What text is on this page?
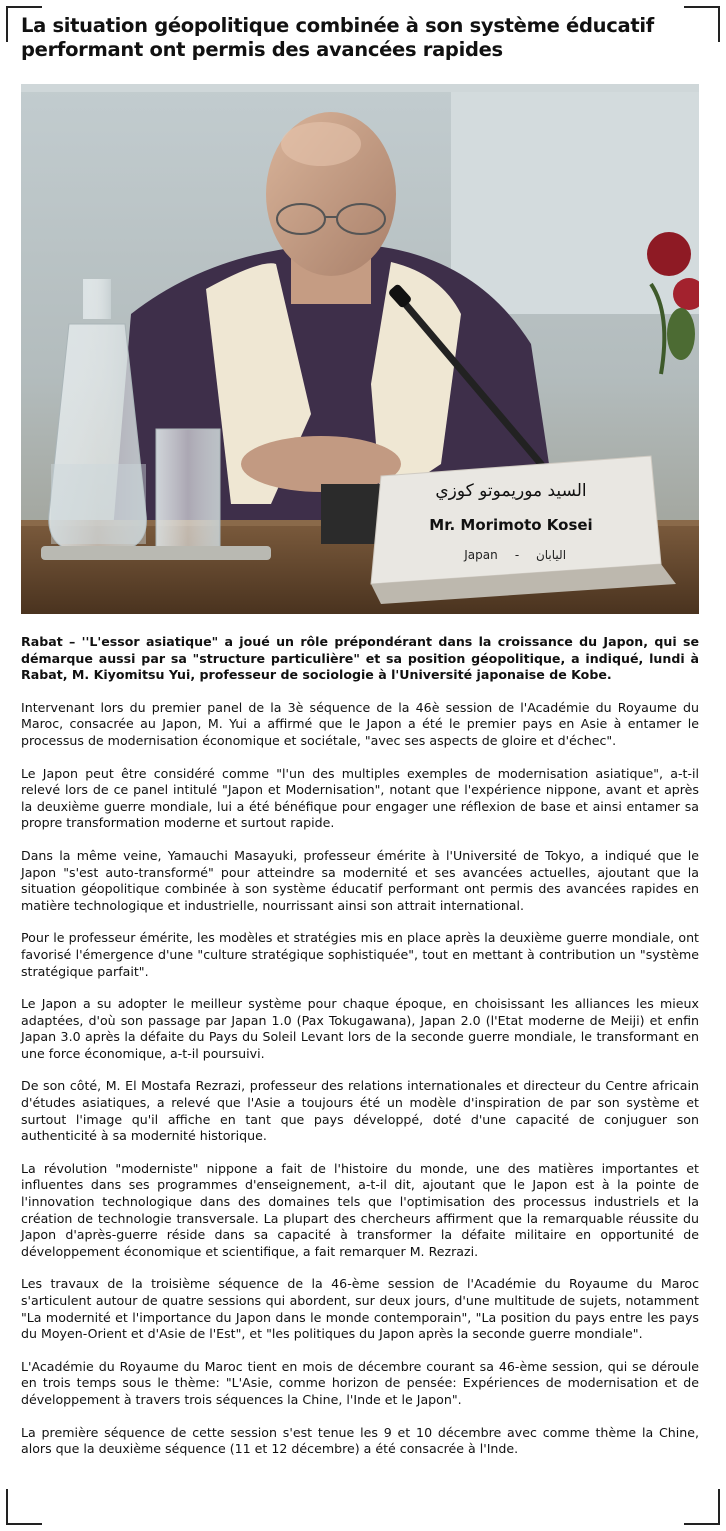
La situation géopolitique combinée à son système éducatif performant ont permis des avancées rapides
السيد موريموتو كوزي
Mr. Morimoto Kosei
Japan	اليابان
-

Rabat – ''L'essor asiatique" a joué un rôle prépondérant dans la croissance du Japon, qui se démarque aussi par sa "structure particulière" et sa position géopolitique, a indiqué, lundi à Rabat, M. Kiyomitsu Yui, professeur de sociologie à l'Université japonaise de Kobe.

Intervenant lors du premier panel de la 3è séquence de la 46è session de l'Académie du Royaume du Maroc, consacrée au Japon, M. Yui a affirmé que le Japon a été le premier pays en Asie à entamer le processus de modernisation économique et sociétale, "avec ses aspects de gloire et d'échec".

Le Japon peut être considéré comme "l'un des multiples exemples de modernisation asiatique", a-t-il relevé lors de ce panel intitulé "Japon et Modernisation", notant que l'expérience nippone, avant et après la deuxième guerre mondiale, lui a été bénéfique pour engager une réflexion de base et ainsi entamer sa propre transformation moderne et surtout rapide.

Dans la même veine, Yamauchi Masayuki, professeur émérite à l'Université de Tokyo, a indiqué que le Japon "s'est auto-transformé" pour atteindre sa modernité et ses avancées actuelles, ajoutant que la situation géopolitique combinée à son système éducatif performant ont permis des avancées rapides en matière technologique et industrielle, nourrissant ainsi son attrait international.

Pour le professeur émérite, les modèles et stratégies mis en place après la deuxième guerre mondiale, ont favorisé l'émergence d'une "culture stratégique sophistiquée", tout en mettant à contribution un "système stratégique parfait".

Le Japon a su adopter le meilleur système pour chaque époque, en choisissant les alliances les mieux adaptées, d'où son passage par Japan 1.0 (Pax Tokugawana), Japan 2.0 (l'Etat moderne de Meiji) et enfin Japan 3.0 après la défaite du Pays du Soleil Levant lors de la seconde guerre mondiale, le transformant en une force économique, a-t-il poursuivi.

De son côté, M. El Mostafa Rezrazi, professeur des relations internationales et directeur du Centre africain d'études asiatiques, a relevé que l'Asie a toujours été un modèle d'inspiration de par son système et surtout l'image qu'il affiche en tant que pays développé, doté d'une capacité de conjuguer son authenticité à sa modernité historique.

La révolution "moderniste" nippone a fait de l'histoire du monde, une des matières importantes et influentes dans ses programmes d'enseignement, a-t-il dit, ajoutant que le Japon est à la pointe de l'innovation technologique dans des domaines tels que l'optimisation des processus industriels et la création de technologie transversale. La plupart des chercheurs affirment que la remarquable réussite du Japon d'après-guerre réside dans sa capacité à transformer la défaite militaire en opportunité de développement économique et scientifique, a fait remarquer M. Rezrazi.

Les travaux de la troisième séquence de la 46-ème session de l'Académie du Royaume du Maroc s'articulent autour de quatre sessions qui abordent, sur deux jours, d'une multitude de sujets, notamment "La modernité et l'importance du Japon dans le monde contemporain", "La position du pays entre les pays du Moyen-Orient et d'Asie de l'Est", et "les politiques du Japon après la seconde guerre mondiale".

L'Académie du Royaume du Maroc tient en mois de décembre courant sa 46-ème session, qui se déroule en trois temps sous le thème: "L'Asie, comme horizon de pensée: Expériences de modernisation et de développement à travers trois séquences la Chine, l'Inde et le Japon".

La première séquence de cette session s'est tenue les 9 et 10 décembre avec comme thème la Chine, alors que la deuxième séquence (11 et 12 décembre) a été consacrée à l'Inde.
